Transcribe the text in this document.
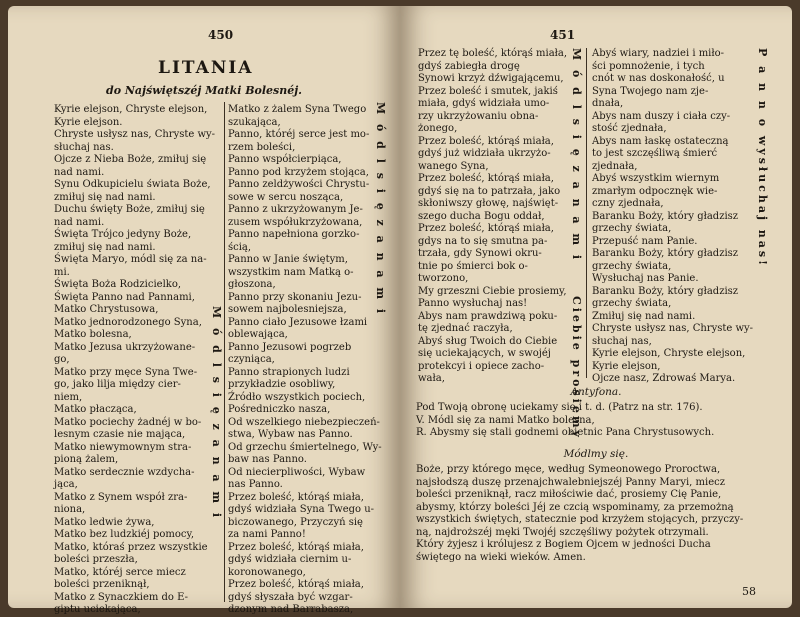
450
LITANIA
do Najświętszéj Matki Bolesnéj.
Kyrie elejson, Chryste elejson,
Kyrie elejson.
Chryste usłysz nas, Chryste wy-
słuchaj nas.
Ojcze z Nieba Boże, zmiłuj się
nad nami.
Synu Odkupicielu świata Boże,
zmiłuj się nad nami.
Duchu święty Boże, zmiłuj się
nad nami.
Święta Trójco jedyny Boże,
zmiłuj się nad nami.
Święta Maryo, módl się za na-
mi.
Święta Boża Rodzicielko,
Święta Panno nad Pannami,
Matko Chrystusowa,
Matko jednorodzonego Syna,
Matko bolesna,
Matko Jezusa ukrzyżowane-
go,
Matko przy męce Syna Twe-
go, jako lilja między cier-
niem,
Matko płacząca,
Matko pociechy żadnéj w bo-
lesnym czasie nie mająca,
Matko niewymownym stra-
pioną żalem,
Matko serdecznie wzdycha-
jąca,
Matko z Synem współ zra-
niona,
Matko ledwie żywa,
Matko bez ludzkiéj pomocy,
Matko, któraś przez wszystkie
boleści przeszła,
Matko, któréj serce miecz
boleści przeniknął,
Matko z Synaczkiem do E-
giptu uciekająca,
Matko z żalem Syna Twego
szukająca,
Panno, któréj serce jest mo-
rzem boleści,
Panno współcierpiąca,
Panno pod krzyżem stojąca,
Panno zeldżywości Chrystu-
sowe w sercu nosząca,
Panno z ukrzyżowanym Je-
zusem współukrzyżowana,
Panno napełniona gorzko-
ścią,
Panno w Janie świętym,
wszystkim nam Matką o-
głoszona,
Panno przy skonaniu Jezu-
sowem najbolesniejsza,
Panno ciało Jezusowe łzami
oblewająca,
Panno Jezusowi pogrzeb
czyniąca,
Panno strapionych ludzi
przykładzie osobliwy,
Źródło wszystkich pociech,
Pośredniczko nasza,
Od wszelkiego niebezpieczeń-
stwa, Wybaw nas Panno.
Od grzechu śmiertelnego, Wy-
baw nas Panno.
Od niecierpliwości, Wybaw
nas Panno.
Przez boleść, którąś miała,
gdyś widziała Syna Twego u-
biczowanego, Przyczyń się
za nami Panno!
Przez boleść, którąś miała,
gdyś widziała ciernim u-
koronowanego,
Przez boleść, którąś miała,
gdyś słyszała być wzgar-
dzonym nad Barrabasza,
M ó d l s i ę z a n a m i
M ó d l s i ę z a n a m i
451
Przez tę boleść, którąś miała,
gdyś zabiegła drogę
Synowi krzyż dźwigającemu,
Przez boleść i smutek, jakiś
miała, gdyś widziała umo-
rzy ukrzyżowaniu obna-
żonego,
Przez boleść, którąś miała,
gdyś już widziała ukrzyżo-
wanego Syna,
Przez boleść, którąś miała,
gdyś się na to patrzała, jako
skłoniwszy głowę, najświęt-
szego ducha Bogu oddał,
Przez boleść, którąś miała,
gdys na to się smutna pa-
trzała, gdy Synowi okru-
tnie po śmierci bok o-
tworzono,
My grzeszni Ciebie prosiemy,
Panno wysłuchaj nas!
Abys nam prawdziwą poku-
tę zjednać raczyła,
Abyś sług Twoich do Ciebie
się uciekających, w swojéj
protekcyi i opiece zacho-
wała,
M ó d l s i ę z a n a m i
Ciebie prosiemy
Abyś wiary, nadziei i miło-
ści pomnożenie, i tych
cnót w nas doskonałość, u
Syna Twojego nam zje-
dnała,
Abys nam duszy i ciała czy-
stość zjednała,
Abys nam łaskę ostateczną
to jest szczęśliwą śmierć
zjednała,
Abyś wszystkim wiernym
zmarłym odpocznęk wie-
czny zjednała,
Baranku Boży, który gładzisz
grzechy świata,
Przepuść nam Panie.
Baranku Boży, który gładzisz
grzechy świata,
Wysłuchaj nas Panie.
Baranku Boży, który gładzisz
grzechy świata,
Zmiłuj się nad nami.
Chryste usłysz nas, Chryste wy-
słuchaj nas,
Kyrie elejson, Chryste elejson,
Kyrie elejson,
Ojcze nasz, Zdrowaś Marya.
P a n n o wysłuchaj nas!
Antyfona.
Pod Twoją obronę uciekamy się i t. d. (Patrz na str. 176).
V. Módl się za nami Matko bolesna,
R. Abysmy się stali godnemi obietnic Pana Chrystusowych.
Módlmy się.
Boże, przy którego męce, według Symeonowego Proroctwa,
najsłodszą duszę przenajchwalebniejszéj Panny Maryi, miecz
boleści przeniknął, racz miłościwie dać, prosiemy Cię Panie,
abysmy, którzy boleści Jéj ze czcią wspominamy, za przemożną
wszystkich świętych, statecznie pod krzyżem stojących, przyczy-
ną, najdroższéj męki Twojéj szczęśliwy pożytek otrzymali.
Który żyjesz i królujesz z Bogiem Ojcem w jedności Ducha
świętego na wieki wieków. Amen.
58
